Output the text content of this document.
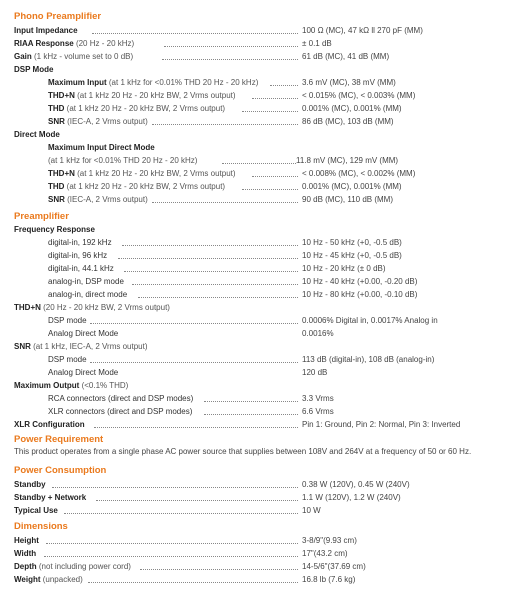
Phono Preamplifier
Input Impedance	100 Ω (MC), 47 kΩ ll 270 pF (MM)
RIAA Response (20 Hz - 20 kHz)	± 0.1 dB
Gain (1 kHz - volume set to 0 dB)	61 dB (MC), 41 dB (MM)
DSP Mode
Maximum Input (at 1 kHz for <0.01% THD 20 Hz - 20 kHz)	3.6 mV (MC), 38 mV (MM)
THD+N (at 1 kHz 20 Hz - 20 kHz BW, 2 Vrms output)	< 0.015% (MC), < 0.003% (MM)
THD (at 1 kHz 20 Hz - 20 kHz BW, 2 Vrms output)	0.001% (MC), 0.001% (MM)
SNR (IEC-A, 2 Vrms output)	86 dB (MC), 103 dB (MM)
Direct Mode
Maximum Input Direct Mode
(at 1 kHz for <0.01% THD 20 Hz - 20 kHz)	11.8 mV (MC), 129 mV (MM)
THD+N (at 1 kHz 20 Hz - 20 kHz BW, 2 Vrms output)	< 0.008% (MC), < 0.002% (MM)
THD (at 1 kHz 20 Hz - 20 kHz BW, 2 Vrms output)	0.001% (MC), 0.001% (MM)
SNR (IEC-A, 2 Vrms output)	90 dB (MC), 110 dB (MM)
Preamplifier
Frequency Response
digital-in, 192 kHz	10 Hz - 50 kHz (+0, -0.5 dB)
digital-in, 96 kHz	10 Hz - 45 kHz (+0, -0.5 dB)
digital-in, 44.1 kHz	10 Hz - 20 kHz (± 0 dB)
analog-in, DSP mode	10 Hz - 40 kHz (+0.00, -0.20 dB)
analog-in, direct mode	10 Hz - 80 kHz (+0.00, -0.10 dB)
THD+N (20 Hz - 20 kHz BW, 2 Vrms output)
DSP mode	0.0006% Digital in, 0.0017% Analog in
Analog Direct Mode	0.0016%
SNR (at 1 kHz, IEC-A, 2 Vrms output)
DSP mode	113 dB (digital-in), 108 dB (analog-in)
Analog Direct Mode	120 dB
Maximum Output (<0.1% THD)
RCA connectors (direct and DSP modes)	3.3 Vrms
XLR connectors (direct and DSP modes)	6.6 Vrms
XLR Configuration	Pin 1: Ground, Pin 2: Normal, Pin 3: Inverted
Power Requirement
This product operates from a single phase AC power source that supplies between 108V and 264V at a frequency of 50 or 60 Hz.
Power Consumption
Standby	0.38 W (120V), 0.45 W (240V)
Standby + Network	1.1 W (120V), 1.2 W (240V)
Typical Use	10 W
Dimensions
Height	3-8/9"(9.93 cm)
Width	17"(43.2 cm)
Depth (not including power cord)	14-5/6"(37.69 cm)
Weight (unpacked)	16.8 lb (7.6 kg)
